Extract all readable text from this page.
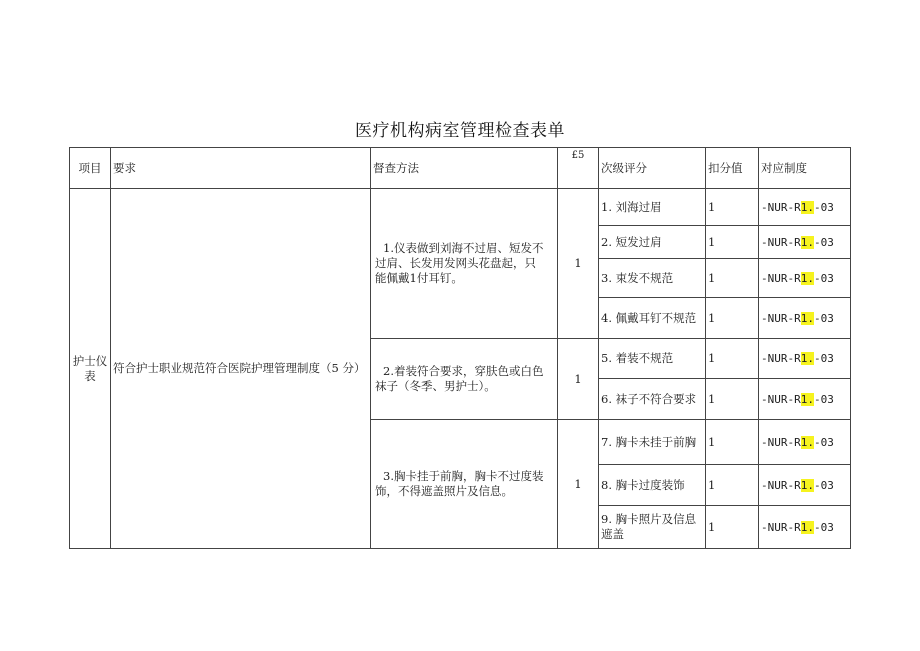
医疗机构病室管理检查表单
项目	要求	督查方法	£5	次级评分	扣分值	对应制度
护士仪表	符合护士职业规范符合医院护理管理制度（5 分）	1.仪表做到刘海不过眉、短发不过肩、长发用发网头花盘起，只能佩戴1付耳钉。	1	1. 刘海过眉	1	-NUR-R1.-03
				2. 短发过肩	1	-NUR-R1.-03
				3. 束发不规范	1	-NUR-R1.-03
				4. 佩戴耳钉不规范	1	-NUR-R1.-03

		2.着装符合要求，穿肤色或白色袜子（冬季、男护士）。	1	5. 着装不规范	1	-NUR-R1.-03
				6. 袜子不符合要求	1	-NUR-R1.-03

		3.胸卡挂于前胸，胸卡不过度装饰，不得遮盖照片及信息。	1	7. 胸卡未挂于前胸	1	-NUR-R1.-03
				8. 胸卡过度装饰	1	-NUR-R1.-03
				9. 胸卡照片及信息遮盖	1	-NUR-R1.-03
